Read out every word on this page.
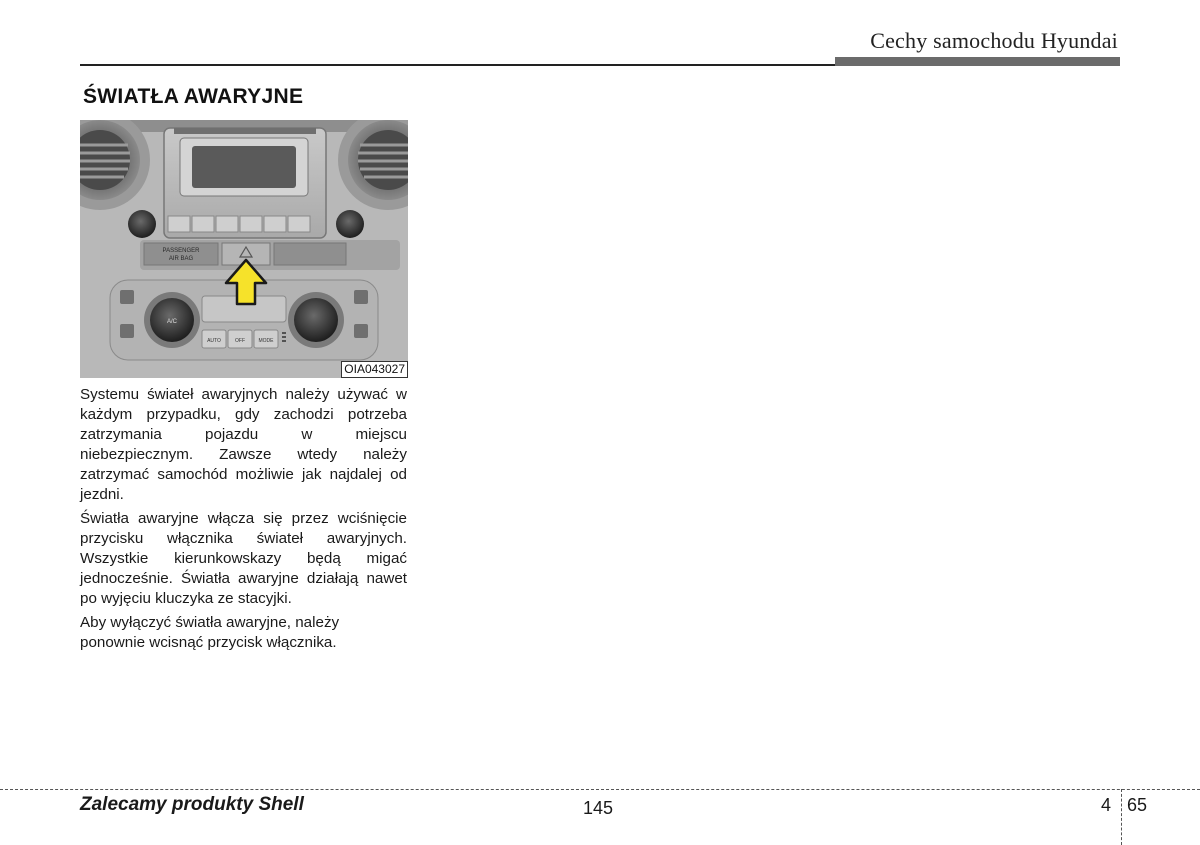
Cechy samochodu Hyundai
ŚWIATŁA AWARYJNE
PASSENGER
AIR BAG
A/C
AUTO	OFF	MODE
OIA043027

Systemu świateł awaryjnych należy używać w każdym przypadku, gdy zachodzi potrzeba zatrzymania pojazdu w miejscu niebezpiecznym. Zawsze wtedy należy zatrzymać samochód możliwie jak najdalej od jezdni.

Światła awaryjne włącza się przez wciśnięcie przycisku włącznika świateł awaryjnych. Wszystkie kierunkowskazy będą migać jednocześnie. Światła awaryjne działają nawet po wyjęciu kluczyka ze stacyjki.

Aby wyłączyć światła awaryjne, należy ponownie wcisnąć przycisk włącznika.

Zalecamy produkty Shell	145	4 65
